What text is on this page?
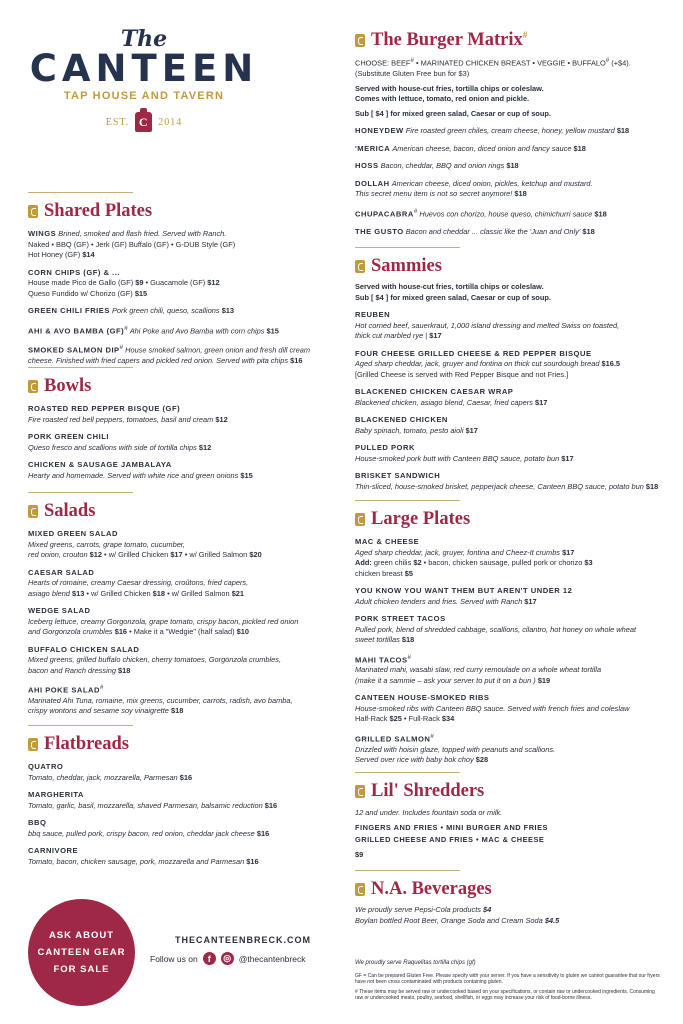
The
CANTEEN
TAP HOUSE AND TAVERN
EST. C 2014
Shared Plates
WINGS Brined, smoked and flash fried. Served with Ranch.
Naked • BBQ (GF) • Jerk (GF) Buffalo (GF) • G-DUB Style (GF)
Hot Honey (GF) $14
CORN CHIPS (GF) & ...
House made Pico de Gallo (GF) $9 • Guacamole (GF) $12
Queso Fundido w/ Chorizo (GF) $15
GREEN CHILI FRIES Pork green chili, queso, scallions $13
AHI & AVO BAMBA (GF)# Ahi Poke and Avo Bamba with corn chips $15
SMOKED SALMON DIP# House smoked salmon, green onion and fresh dill cream
cheese. Finished with fried capers and pickled red onion. Served with pita chips $16
Bowls
ROASTED RED PEPPER BISQUE (GF)
Fire roasted red bell peppers, tomatoes, basil and cream $12
PORK GREEN CHILI
Queso fresco and scallions with side of tortilla chips $12
CHICKEN & SAUSAGE JAMBALAYA
Hearty and homemade. Served with white rice and green onions $15
Salads
MIXED GREEN SALAD
Mixed greens, carrots, grape tomato, cucumber,
red onion, crouton $12 • w/ Grilled Chicken $17 • w/ Grilled Salmon $20
CAESAR SALAD
Hearts of romaine, creamy Caesar dressing, croûtons, fried capers,
asiago blend $13 • w/ Grilled Chicken $18 • w/ Grilled Salmon $21
WEDGE SALAD
Iceberg lettuce, creamy Gorgonzola, grape tomato, crispy bacon, pickled red onion
and Gorgonzola crumbles $16 • Make it a "Wedgie" (half salad) $10
BUFFALO CHICKEN SALAD
Mixed greens, grilled buffalo chicken, cherry tomatoes, Gorgonzola crumbles,
bacon and Ranch dressing $18
AHI POKE SALAD#
Marinated Ahi Tuna, romaine, mix greens, cucumber, carrots, radish, avo bamba,
crispy wontons and sesame soy vinaigrette $18
Flatbreads
QUATRO
Tomato, cheddar, jack, mozzarella, Parmesan $16
MARGHERITA
Tomato, garlic, basil, mozzarella, shaved Parmesan, balsamic reduction $16
BBQ
bbq sauce, pulled pork, crispy bacon, red onion, cheddar jack cheese $16
CARNIVORE
Tomato, bacon, chicken sausage, pork, mozzarella and Parmesan $16
ASK ABOUT
CANTEEN GEAR
FOR SALE
THECANTEENBRECK.COM
Follow us on	f	◎ @thecantenbreck
The Burger Matrix#
CHOOSE: BEEF# • MARINATED CHICKEN BREAST • VEGGIE • BUFFALO# (+$4).
(Substitute Gluten Free bun for $3)
Served with house-cut fries, tortilla chips or coleslaw.
Comes with lettuce, tomato, red onion and pickle.
Sub [ $4 ] for mixed green salad, Caesar or cup of soup.
HONEYDEW Fire roasted green chiles, cream cheese, honey, yellow mustard $18
'MERICA American cheese, bacon, diced onion and fancy sauce $18
HOSS Bacon, cheddar, BBQ and onion rings $18
DOLLAH American cheese, diced onion, pickles, ketchup and mustard.
This secret menu item is not so secret anymore! $18
CHUPACABRA# Huevos con chorizo, house queso, chimichurri sauce $18
THE GUSTO Bacon and cheddar ... classic like the 'Juan and Only' $18
Sammies
Served with house-cut fries, tortilla chips or coleslaw.
Sub [ $4 ] for mixed green salad, Caesar or cup of soup.
REUBEN
Hot corned beef, sauerkraut, 1,000 island dressing and melted Swiss on toasted,
thick cut marbled rye | $17
FOUR CHEESE GRILLED CHEESE & RED PEPPER BISQUE
Aged sharp cheddar, jack, gruyer and fontina on thick cut sourdough bread $16.5
[Grilled Cheese is served with Red Pepper Bisque and not Fries.]
BLACKENED CHICKEN CAESAR WRAP
Blackened chicken, asiago blend, Caesar, fried capers $17
BLACKENED CHICKEN
Baby spinach, tomato, pesto aioli $17
PULLED PORK
House-smoked pork butt with Canteen BBQ sauce, potato bun $17
BRISKET SANDWICH
Thin-sliced, house-smoked brisket, pepperjack cheese, Canteen BBQ sauce, potato bun $18
Large Plates
MAC & CHEESE
Aged sharp cheddar, jack, gruyer, fontina and Cheez-It crumbs $17
Add: green chilis $2 • bacon, chicken sausage, pulled pork or chorizo $3
chicken breast $5
YOU KNOW YOU WANT THEM BUT AREN'T UNDER 12
Adult chicken tenders and fries. Served with Ranch $17
PORK STREET TACOS
Pulled pork, blend of shredded cabbage, scallions, cilantro, hot honey on whole wheat
sweet tortillas $18
MAHI TACOS#
Marinated mahi, wasabi slaw, red curry remoulade on a whole wheat tortilla
(make it a sammie – ask your server to put it on a bun ) $19
CANTEEN HOUSE-SMOKED RIBS
House-smoked ribs with Canteen BBQ sauce. Served with french fries and coleslaw
Half-Rack $25 • Full-Rack $34
GRILLED SALMON#
Drizzled with hoisin glaze, topped with peanuts and scallions.
Served over rice with baby bok choy $28
Lil' Shredders
12 and under. Includes fountain soda or milk.
FINGERS AND FRIES • MINI BURGER AND FRIES
GRILLED CHEESE AND FRIES • MAC & CHEESE
$9
N.A. Beverages
We proudly serve Pepsi-Cola products $4
Boylan bottled Root Beer, Orange Soda and Cream Soda $4.5
We proudly serve Raquelitas tortilla chips (gf)
GF = Can be prepared Gluten Free. Please specify with your server. If you have a sensitivity to gluten we cannot guarantee that our fryers have not been cross contaminated with products containing gluten.
# These items may be served raw or undercooked based on your specifications, or contain raw or undercooked ingredients. Consuming raw or undercooked meats, poultry, seafood, shellfish, or eggs may increase your risk of food-borne illness.
